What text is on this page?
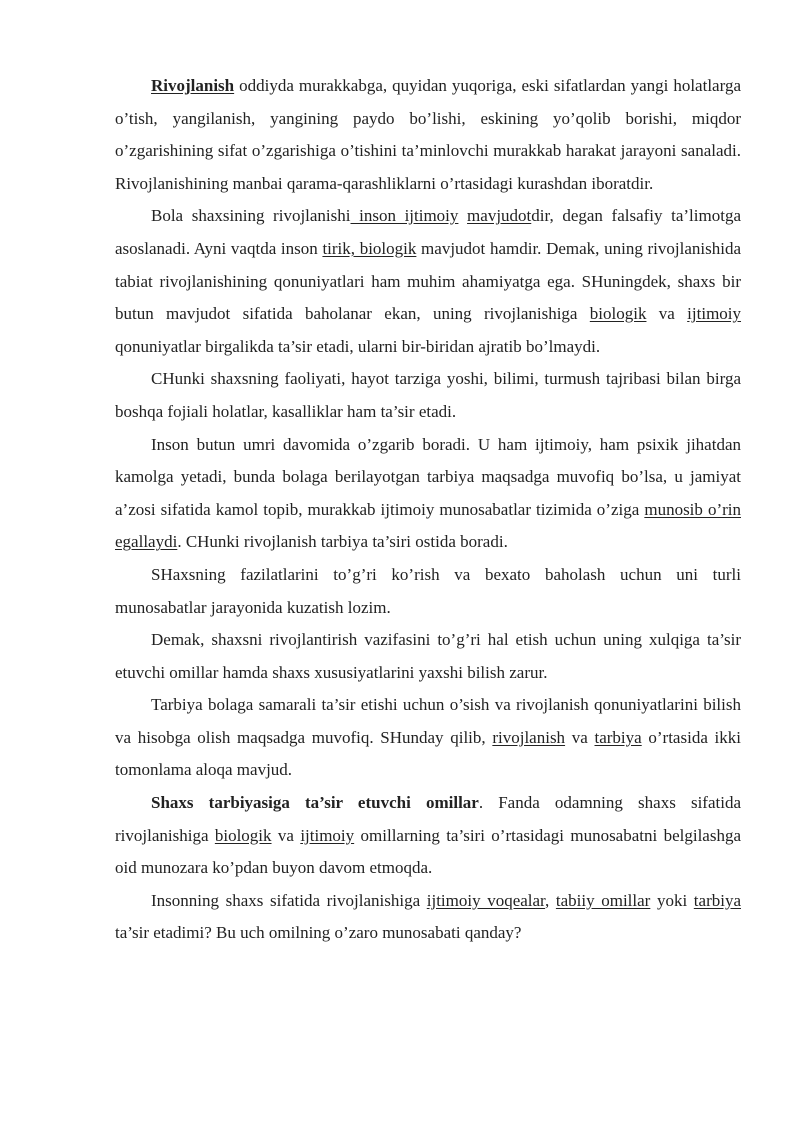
Rivojlanish oddiyda murakkabga, quyidan yuqoriga, eski sifatlardan yangi holatlarga o’tish, yangilanish, yangining paydo bo’lishi, eskining yo’qolib borishi, miqdor o’zgarishining sifat o’zgarishiga o’tishini ta’minlovchi murakkab harakat jarayoni sanaladi. Rivojlanishining manbai qarama-qarashliklarni o’rtasidagi kurashdan iboratdir.

Bola shaxsining rivojlanishi inson ijtimoiy mavjudotdir, degan falsafiy ta’limotga asoslanadi. Ayni vaqtda inson tirik, biologik mavjudot hamdir. Demak, uning rivojlanishida tabiat rivojlanishining qonuniyatlari ham muhim ahamiyatga ega. SHuningdek, shaxs bir butun mavjudot sifatida baholanar ekan, uning rivojlanishiga biologik va ijtimoiy qonuniyatlar birgalikda ta’sir etadi, ularni bir-biridan ajratib bo’lmaydi.

CHunki shaxsning faoliyati, hayot tarziga yoshi, bilimi, turmush tajribasi bilan birga boshqa fojiali holatlar, kasalliklar ham ta’sir etadi.

Inson butun umri davomida o’zgarib boradi. U ham ijtimoiy, ham psixik jihatdan kamolga yetadi, bunda bolaga berilayotgan tarbiya maqsadga muvofiq bo’lsa, u jamiyat a’zosi sifatida kamol topib, murakkab ijtimoiy munosabatlar tizimida o’ziga munosib o’rin egallaydi. CHunki rivojlanish tarbiya ta’siri ostida boradi.

SHaxsning fazilatlarini to’g’ri ko’rish va bexato baholash uchun uni turli munosabatlar jarayonida kuzatish lozim.

Demak, shaxsni rivojlantirish vazifasini to’g’ri hal etish uchun uning xulqiga ta’sir etuvchi omillar hamda shaxs xususiyatlarini yaxshi bilish zarur.

Tarbiya bolaga samarali ta’sir etishi uchun o’sish va rivojlanish qonuniyatlarini bilish va hisobga olish maqsadga muvofiq. SHunday qilib, rivojlanish va tarbiya o’rtasida ikki tomonlama aloqa mavjud.

Shaxs tarbiyasiga ta’sir etuvchi omillar. Fanda odamning shaxs sifatida rivojlanishiga biologik va ijtimoiy omillarning ta’siri o’rtasidagi munosabatni belgilashga oid munozara ko’pdan buyon davom etmoqda.

Insonning shaxs sifatida rivojlanishiga ijtimoiy voqealar, tabiiy omillar yoki tarbiya ta’sir etadimi? Bu uch omilning o’zaro munosabati qanday?
